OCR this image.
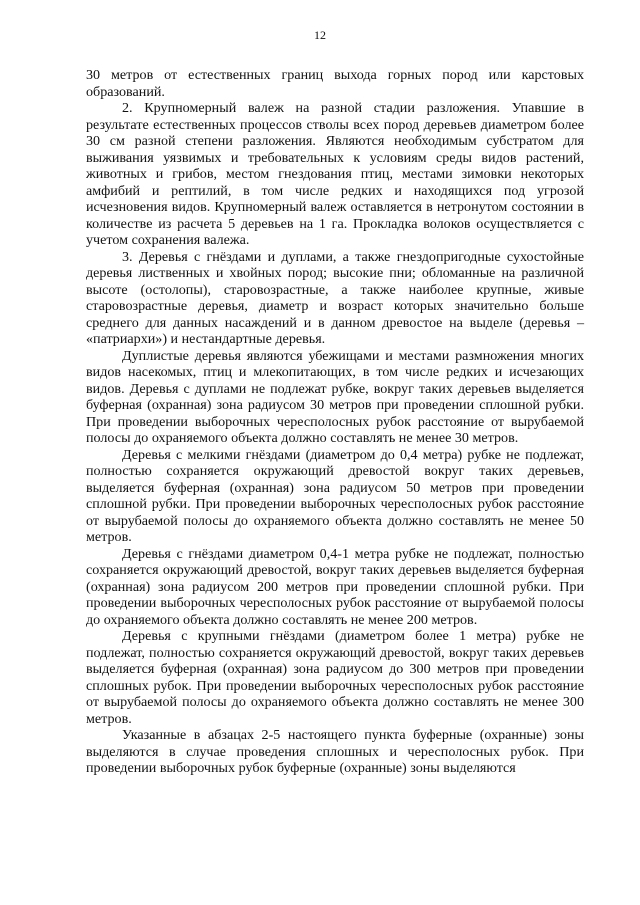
12

30 метров от естественных границ выхода горных пород или карстовых образований.

2. Крупномерный валеж на разной стадии разложения. Упавшие в результате естественных процессов стволы всех пород деревьев диаметром более 30 см разной степени разложения. Являются необходимым субстратом для выживания уязвимых и требовательных к условиям среды видов растений, животных и грибов, местом гнездования птиц, местами зимовки некоторых амфибий и рептилий, в том числе редких и находящихся под угрозой исчезновения видов. Крупномерный валеж оставляется в нетронутом состоянии в количестве из расчета 5 деревьев на 1 га. Прокладка волоков осуществляется с учетом сохранения валежа.

3. Деревья с гнёздами и дуплами, а также гнездопригодные сухостойные деревья лиственных и хвойных пород; высокие пни; обломанные на различной высоте (остолопы), старовозрастные, а также наиболее крупные, живые старовозрастные деревья, диаметр и возраст которых значительно больше среднего для данных насаждений и в данном древостое на выделе (деревья – «патриархи») и нестандартные деревья.

Дуплистые деревья являются убежищами и местами размножения многих видов насекомых, птиц и млекопитающих, в том числе редких и исчезающих видов. Деревья с дуплами не подлежат рубке, вокруг таких деревьев выделяется буферная (охранная) зона радиусом 30 метров при проведении сплошной рубки. При проведении выборочных чересполосных рубок расстояние от вырубаемой полосы до охраняемого объекта должно составлять не менее 30 метров.

Деревья с мелкими гнёздами (диаметром до 0,4 метра) рубке не подлежат, полностью сохраняется окружающий древостой вокруг таких деревьев, выделяется буферная (охранная) зона радиусом 50 метров при проведении сплошной рубки. При проведении выборочных чересполосных рубок расстояние от вырубаемой полосы до охраняемого объекта должно составлять не менее 50 метров.

Деревья с гнёздами диаметром 0,4-1 метра рубке не подлежат, полностью сохраняется окружающий древостой, вокруг таких деревьев выделяется буферная (охранная) зона радиусом 200 метров при проведении сплошной рубки. При проведении выборочных чересполосных рубок расстояние от вырубаемой полосы до охраняемого объекта должно составлять не менее 200 метров.

Деревья с крупными гнёздами (диаметром более 1 метра) рубке не подлежат, полностью сохраняется окружающий древостой, вокруг таких деревьев выделяется буферная (охранная) зона радиусом до 300 метров при проведении сплошных рубок. При проведении выборочных чересполосных рубок расстояние от вырубаемой полосы до охраняемого объекта должно составлять не менее 300 метров.

Указанные в абзацах 2-5 настоящего пункта буферные (охранные) зоны выделяются в случае проведения сплошных и чересполосных рубок. При проведении выборочных рубок буферные (охранные) зоны выделяются
